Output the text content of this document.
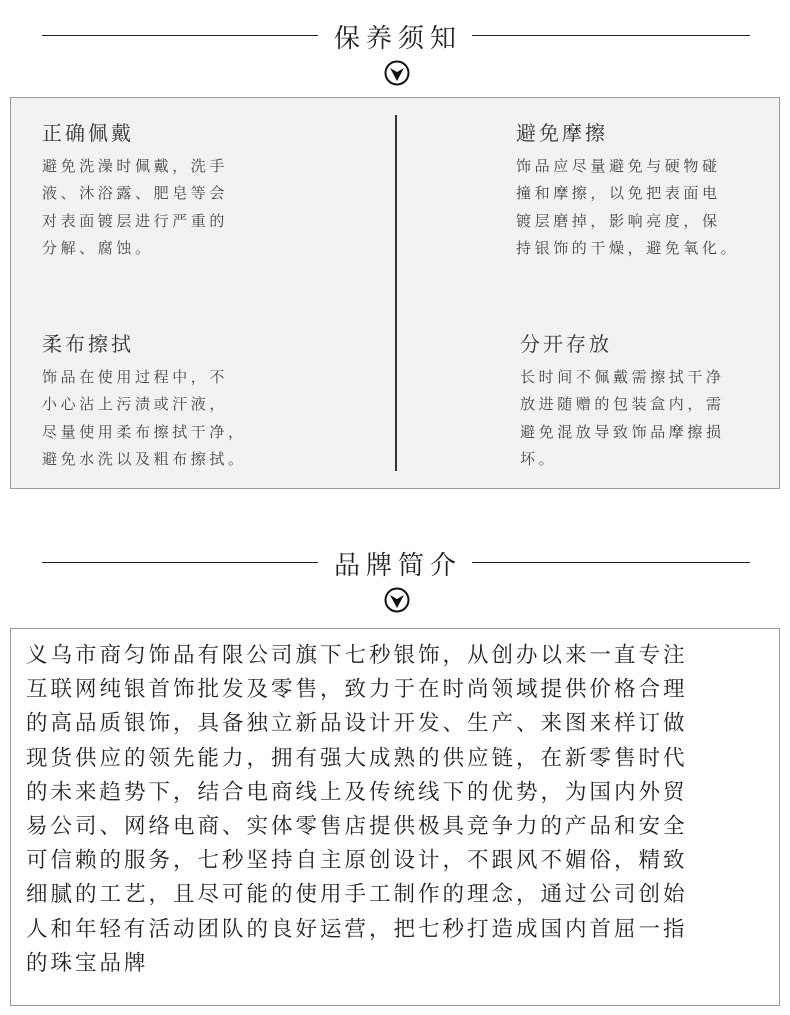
保养须知
正确佩戴
避免洗澡时佩戴，洗手
液、沐浴露、肥皂等会
对表面镀层进行严重的
分解、腐蚀。
避免摩擦
饰品应尽量避免与硬物碰
撞和摩擦，以免把表面电
镀层磨掉，影响亮度，保
持银饰的干燥，避免氧化。
柔布擦拭
饰品在使用过程中，不
小心沾上污渍或汗液，
尽量使用柔布擦拭干净，
避免水洗以及粗布擦拭。
分开存放
长时间不佩戴需擦拭干净
放进随赠的包装盒内，需
避免混放导致饰品摩擦损
坏。
品牌简介
义乌市商匀饰品有限公司旗下七秒银饰，从创办以来一直专注
互联网纯银首饰批发及零售，致力于在时尚领域提供价格合理
的高品质银饰，具备独立新品设计开发、生产、来图来样订做
现货供应的领先能力，拥有强大成熟的供应链，在新零售时代
的未来趋势下，结合电商线上及传统线下的优势，为国内外贸
易公司、网络电商、实体零售店提供极具竞争力的产品和安全
可信赖的服务，七秒坚持自主原创设计，不跟风不媚俗，精致
细腻的工艺，且尽可能的使用手工制作的理念，通过公司创始
人和年轻有活动团队的良好运营，把七秒打造成国内首屈一指
的珠宝品牌
